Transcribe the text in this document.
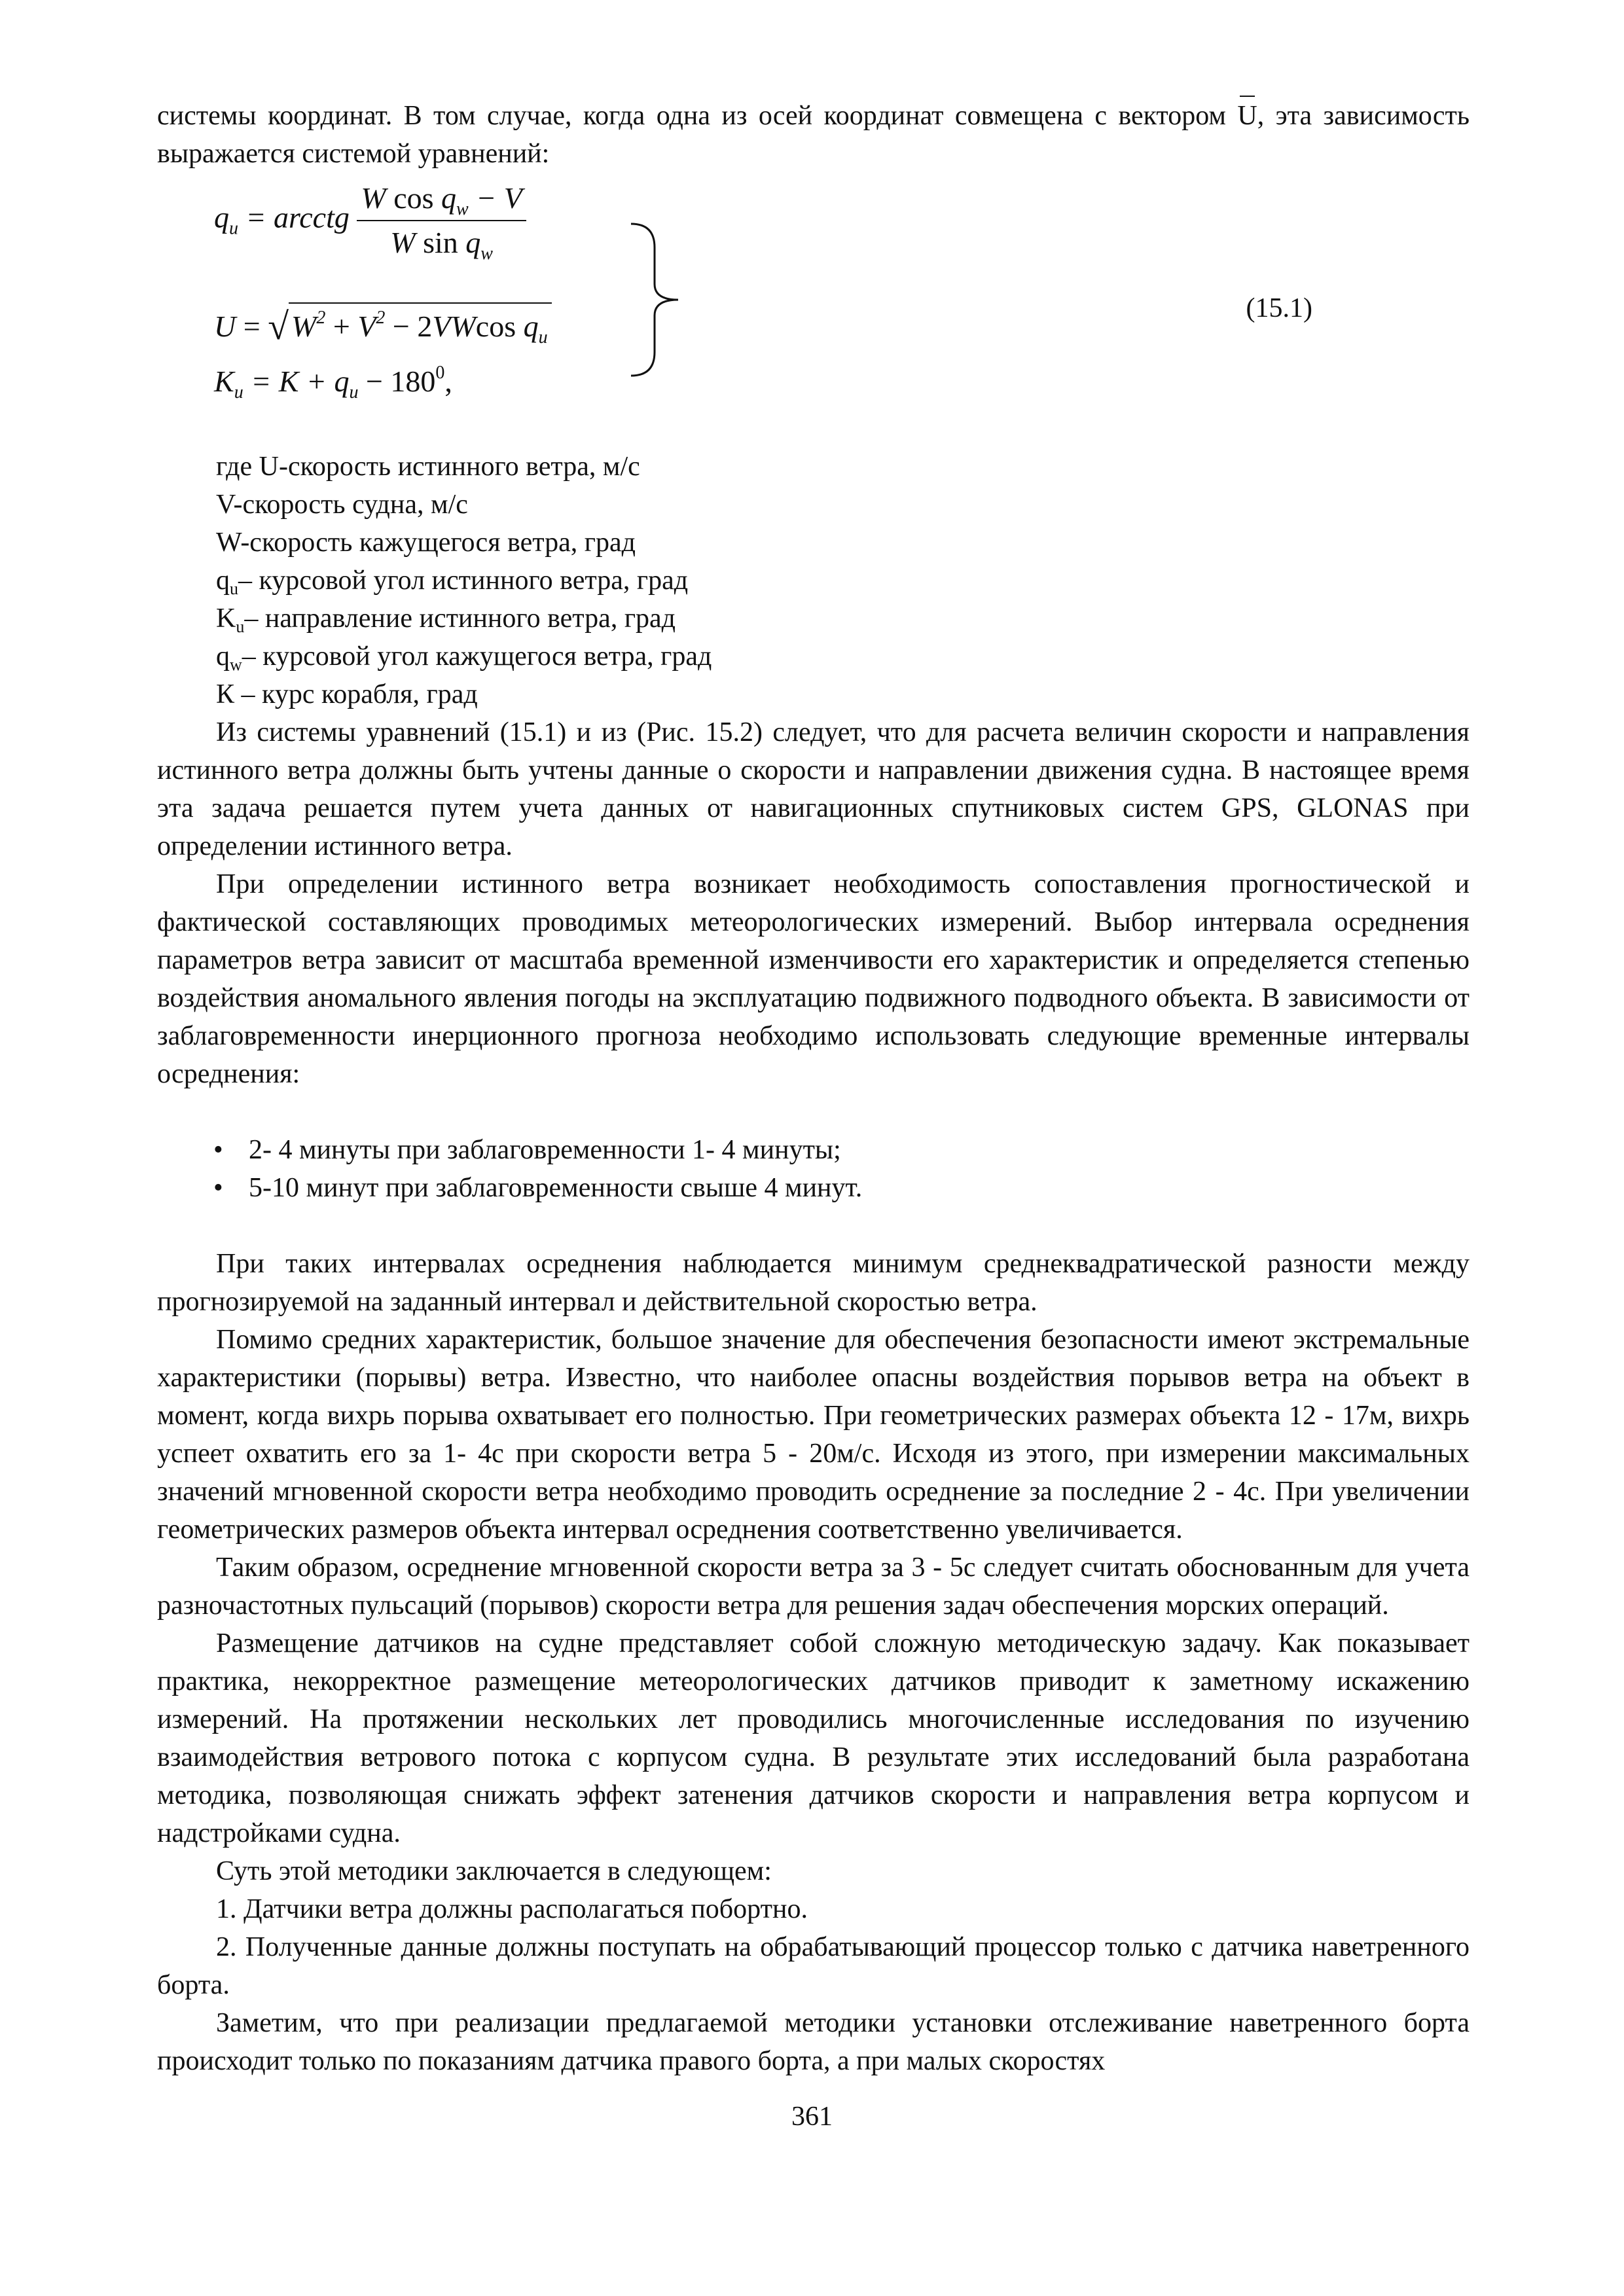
системы координат. В том случае, когда одна из осей координат совмещена с вектором U, эта зависимость выражается системой уравнений:

$q_u$ = arcctg $\frac{W \cos q_w - V}{W \sin q_w}$
$U = √W^2 + V^2 - 2VWcos$ $q_u$
$K_u = K + q_u - 180^0$,
(15.1)
где U-скорость истинного ветра, м/с
V-скорость судна, м/с
W-скорость кажущегося ветра, град
$q_u-$ курсовой угол истинного ветра, град
$K_u-$ направление истинного ветра, град
$q_w-$ курсовой угол кажущегося ветра, град
К – курс корабля, град

Из системы уравнений (15.1) и из (Рис. 15.2) следует, что для расчета величин скорости и направления истинного ветра должны быть учтены данные о скорости и направлении движения судна. В настоящее время эта задача решается путем учета данных от навигационных спутниковых систем GPS, GLONAS при определении истинного ветра.

При определении истинного ветра возникает необходимость сопоставления прогностической и фактической составляющих проводимых метеорологических измерений. Выбор интервала осреднения параметров ветра зависит от масштаба временной изменчивости его характеристик и определяется степенью воздействия аномального явления погоды на эксплуатацию подвижного подводного объекта. В зависимости от заблаговременности инерционного прогноза необходимо использовать следующие временные интервалы осреднения:

• 2- 4 минуты при заблаговременности 1- 4 минуты;
• 5-10 минут при заблаговременности свыше 4 минут.

При таких интервалах осреднения наблюдается минимум среднеквадратической разности между прогнозируемой на заданный интервал и действительной скоростью ветра.

Помимо средних характеристик, большое значение для обеспечения безопасности имеют экстремальные характеристики (порывы) ветра. Известно, что наиболее опасны воздействия порывов ветра на объект в момент, когда вихрь порыва охватывает его полностью. При геометрических размерах объекта 12 - 17м, вихрь успеет охватить его за 1- 4с при скорости ветра 5 - 20м/с. Исходя из этого, при измерении максимальных значений мгновенной скорости ветра необходимо проводить осреднение за последние 2 - 4с. При увеличении геометрических размеров объекта интервал осреднения соответственно увеличивается.

Таким образом, осреднение мгновенной скорости ветра за 3 - 5с следует считать обоснованным для учета разночастотных пульсаций (порывов) скорости ветра для решения задач обеспечения морских операций.

Размещение датчиков на судне представляет собой сложную методическую задачу. Как показывает практика, некорректное размещение метеорологических датчиков приводит к заметному искажению измерений. На протяжении нескольких лет проводились многочисленные исследования по изучению взаимодействия ветрового потока с корпусом судна. В результате этих исследований была разработана методика, позволяющая снижать эффект затенения датчиков скорости и направления ветра корпусом и надстройками судна.

Суть этой методики заключается в следующем:

1. Датчики ветра должны располагаться побортно.

2. Полученные данные должны поступать на обрабатывающий процессор только с датчика наветренного борта.

Заметим, что при реализации предлагаемой методики установки отслеживание наветренного борта происходит только по показаниям датчика правого борта, а при малых скоростях

361
